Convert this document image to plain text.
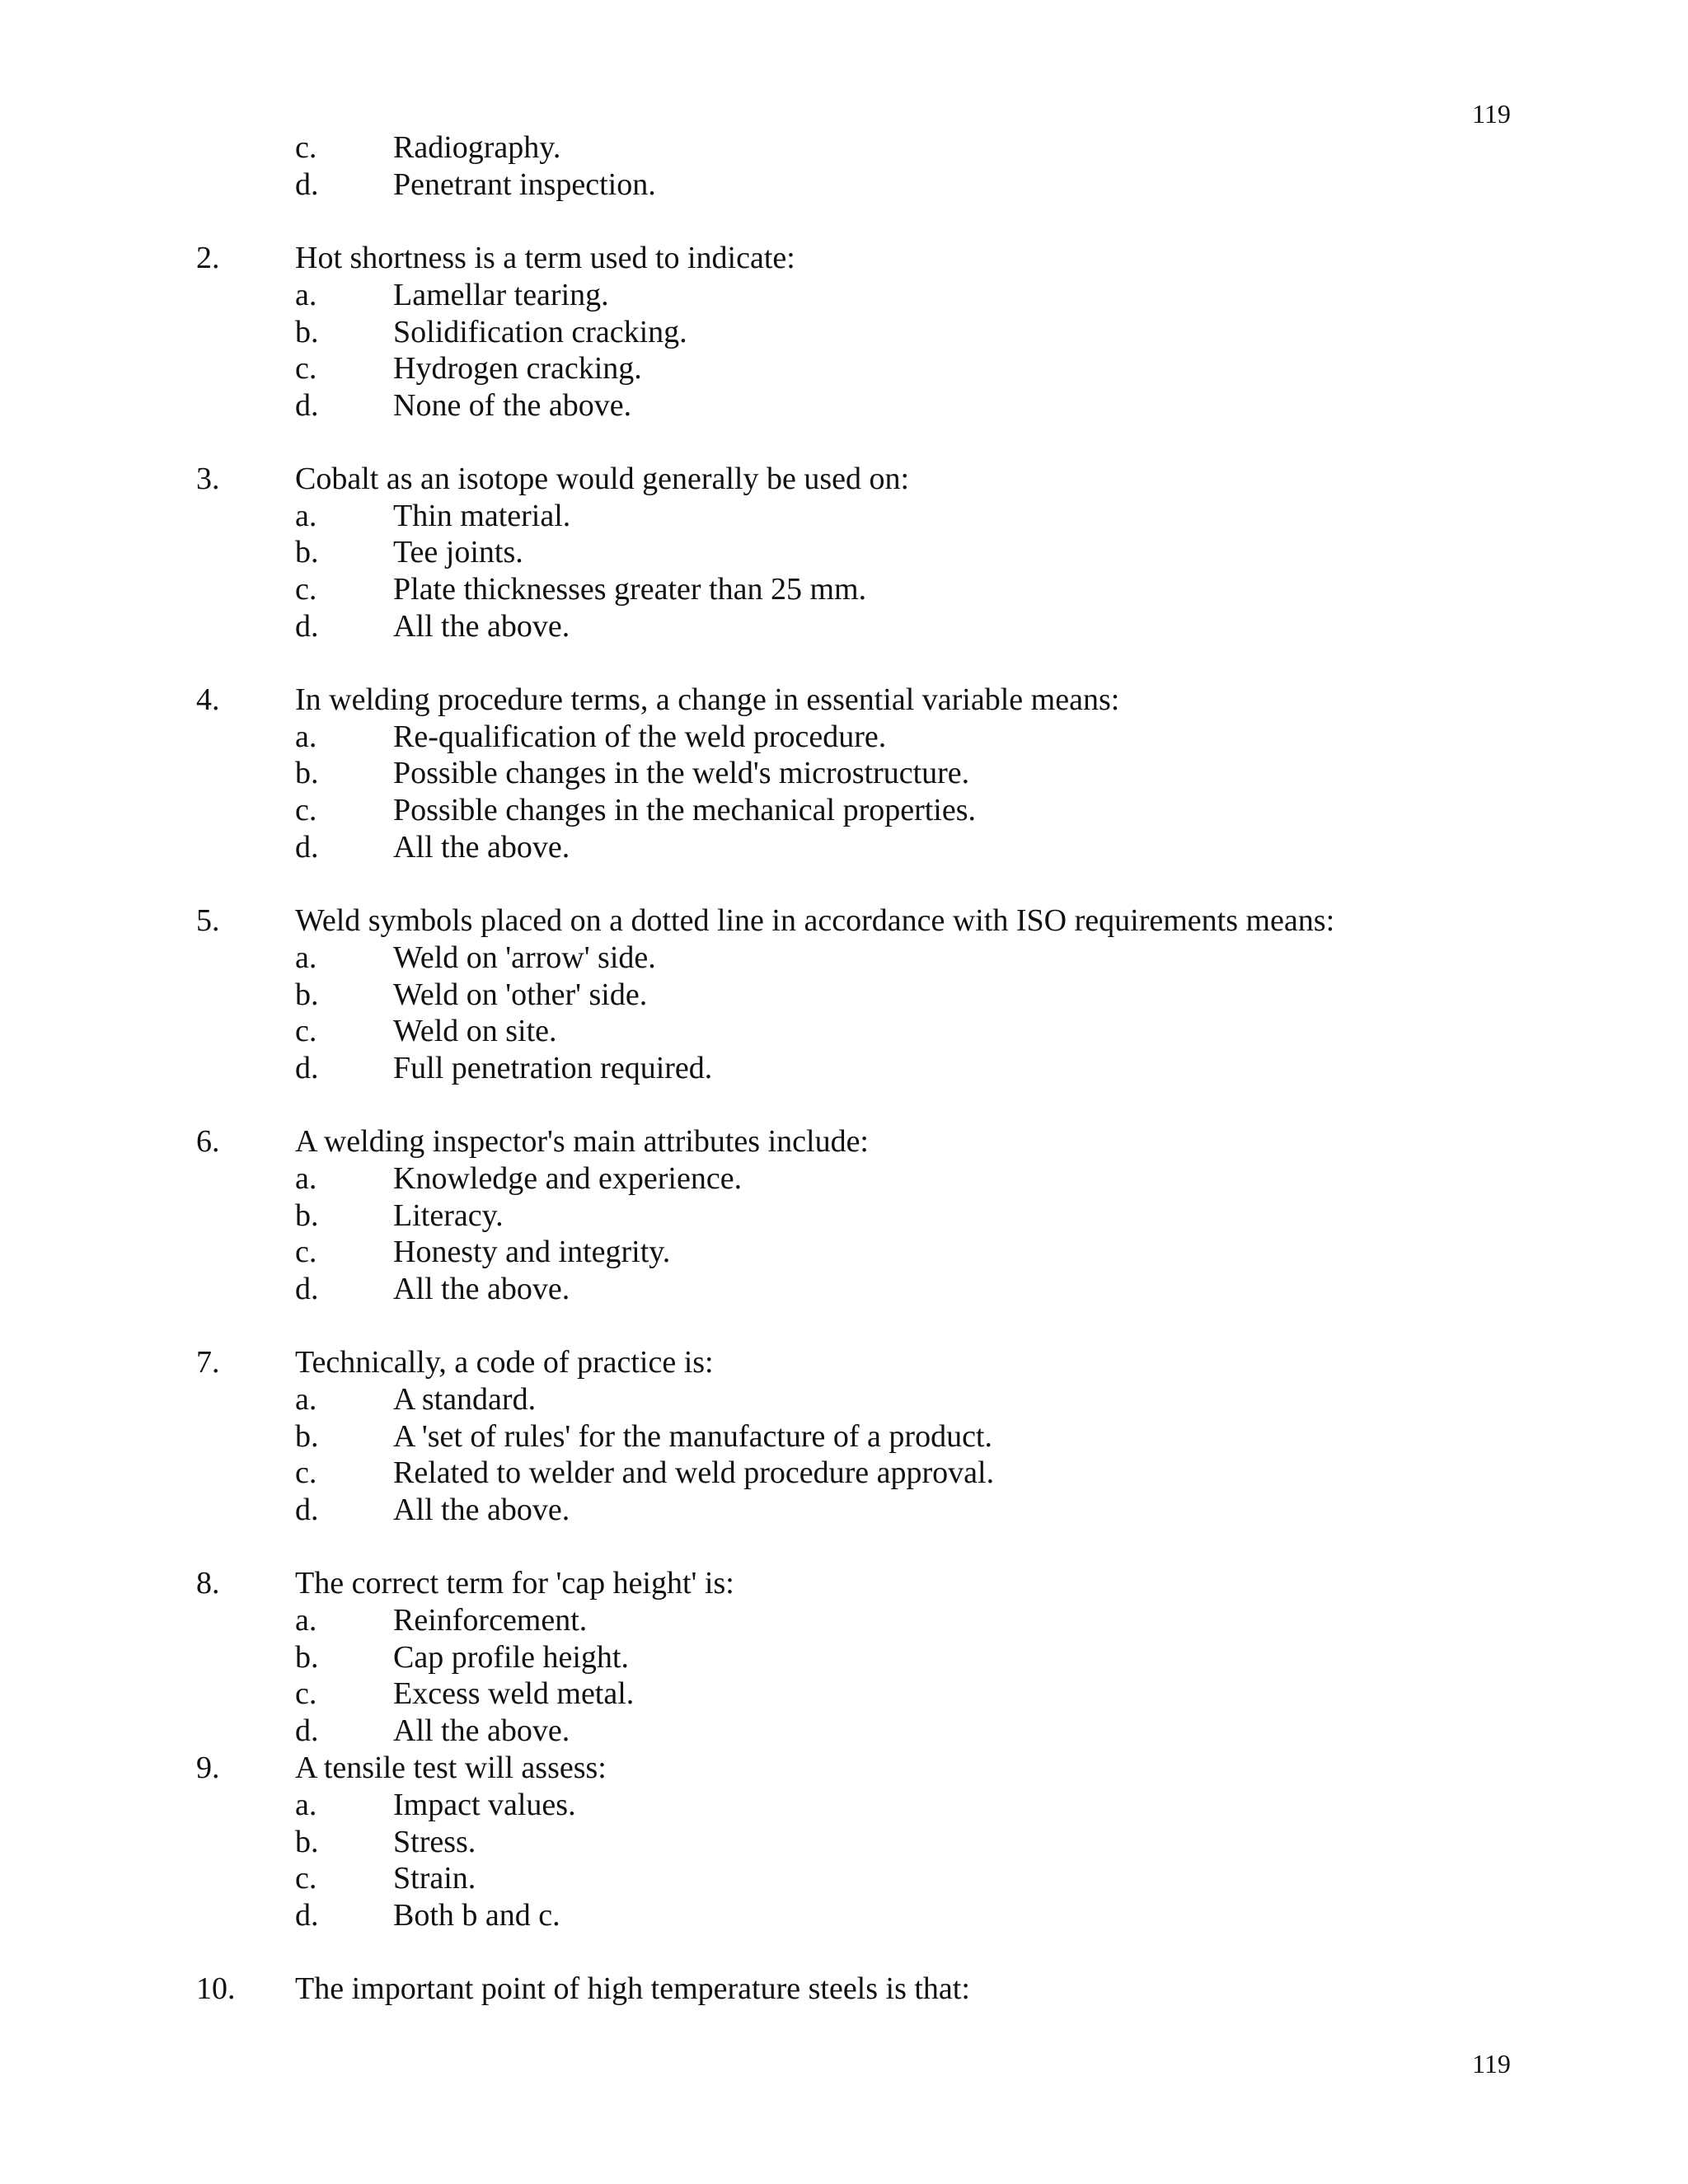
119
c. Radiography.
d. Penetrant inspection.
2. Hot shortness is a term used to indicate:
a. Lamellar tearing.
b. Solidification cracking.
c. Hydrogen cracking.
d. None of the above.
3. Cobalt as an isotope would generally be used on:
a. Thin material.
b. Tee joints.
c. Plate thicknesses greater than 25 mm.
d. All the above.
4. In welding procedure terms, a change in essential variable means:
a. Re-qualification of the weld procedure.
b. Possible changes in the weld's microstructure.
c. Possible changes in the mechanical properties.
d. All the above.
5. Weld symbols placed on a dotted line in accordance with ISO requirements means:
a. Weld on 'arrow' side.
b. Weld on 'other' side.
c. Weld on site.
d. Full penetration required.
6. A welding inspector's main attributes include:
a. Knowledge and experience.
b. Literacy.
c. Honesty and integrity.
d. All the above.
7. Technically, a code of practice is:
a. A standard.
b. A 'set of rules' for the manufacture of a product.
c. Related to welder and weld procedure approval.
d. All the above.
8. The correct term for 'cap height' is:
a. Reinforcement.
b. Cap profile height.
c. Excess weld metal.
d. All the above.
9. A tensile test will assess:
a. Impact values.
b. Stress.
c. Strain.
d. Both b and c.
10. The important point of high temperature steels is that:
119
